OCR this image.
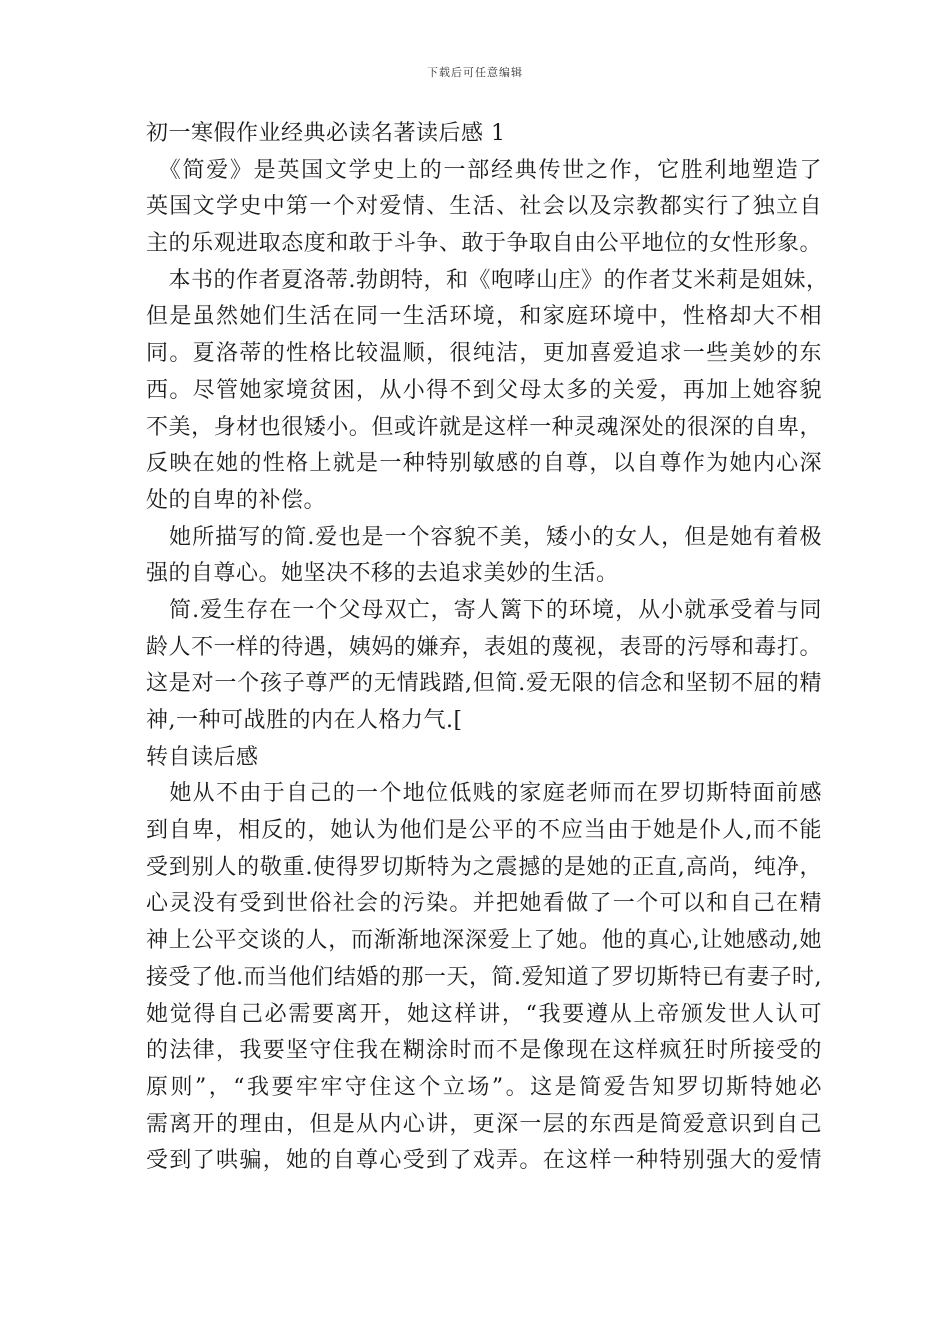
下载后可任意编辑
初一寒假作业经典必读名著读后感 1
　《简爱》是英国文学史上的一部经典传世之作，它胜利地塑造了
英国文学史中第一个对爱情、生活、社会以及宗教都实行了独立自
主的乐观进取态度和敢于斗争、敢于争取自由公平地位的女性形象。
　本书的作者夏洛蒂.勃朗特，和《咆哮山庄》的作者艾米莉是姐妹，
但是虽然她们生活在同一生活环境，和家庭环境中，性格却大不相
同。夏洛蒂的性格比较温顺，很纯洁，更加喜爱追求一些美妙的东
西。尽管她家境贫困，从小得不到父母太多的关爱，再加上她容貌
不美，身材也很矮小。但或许就是这样一种灵魂深处的很深的自卑，
反映在她的性格上就是一种特别敏感的自尊，以自尊作为她内心深
处的自卑的补偿。
　她所描写的简.爱也是一个容貌不美，矮小的女人，但是她有着极
强的自尊心。她坚决不移的去追求美妙的生活。
　简.爱生存在一个父母双亡，寄人篱下的环境，从小就承受着与同
龄人不一样的待遇，姨妈的嫌弃，表姐的蔑视，表哥的污辱和毒打。
这是对一个孩子尊严的无情践踏,但简.爱无限的信念和坚韧不屈的精
神,一种可战胜的内在人格力气.[
转自读后感
　她从不由于自己的一个地位低贱的家庭老师而在罗切斯特面前感
到自卑，相反的，她认为他们是公平的不应当由于她是仆人,而不能
受到别人的敬重.使得罗切斯特为之震撼的是她的正直,高尚，纯净，
心灵没有受到世俗社会的污染。并把她看做了一个可以和自己在精
神上公平交谈的人，而渐渐地深深爱上了她。他的真心,让她感动,她
接受了他.而当他们结婚的那一天，简.爱知道了罗切斯特已有妻子时,
她觉得自己必需要离开，她这样讲，“我要遵从上帝颁发世人认可
的法律，我要坚守住我在糊涂时而不是像现在这样疯狂时所接受的
原则”，“我要牢牢守住这个立场”。这是简爱告知罗切斯特她必
需离开的理由，但是从内心讲，更深一层的东西是简爱意识到自己
受到了哄骗，她的自尊心受到了戏弄。在这样一种特别强大的爱情
